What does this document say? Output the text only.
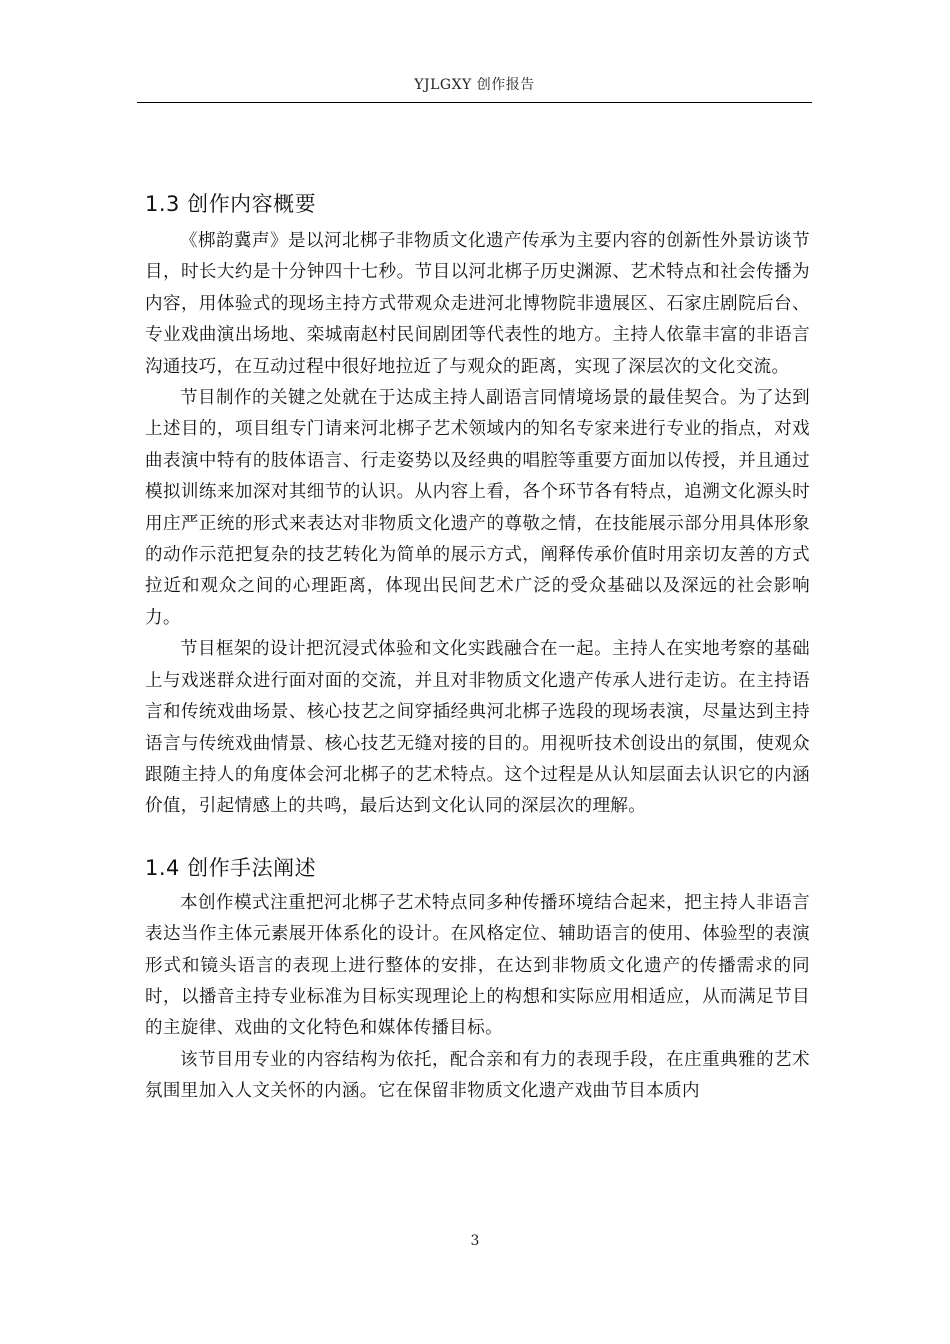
YJLGXY 创作报告
1.3 创作内容概要

《梆韵冀声》是以河北梆子非物质文化遗产传承为主要内容的创新性外景访谈节目，时长大约是十分钟四十七秒。节目以河北梆子历史渊源、艺术特点和社会传播为内容，用体验式的现场主持方式带观众走进河北博物院非遗展区、石家庄剧院后台、专业戏曲演出场地、栾城南赵村民间剧团等代表性的地方。主持人依靠丰富的非语言沟通技巧，在互动过程中很好地拉近了与观众的距离，实现了深层次的文化交流。

节目制作的关键之处就在于达成主持人副语言同情境场景的最佳契合。为了达到上述目的，项目组专门请来河北梆子艺术领域内的知名专家来进行专业的指点，对戏曲表演中特有的肢体语言、行走姿势以及经典的唱腔等重要方面加以传授，并且通过模拟训练来加深对其细节的认识。从内容上看，各个环节各有特点，追溯文化源头时用庄严正统的形式来表达对非物质文化遗产的尊敬之情，在技能展示部分用具体形象的动作示范把复杂的技艺转化为简单的展示方式，阐释传承价值时用亲切友善的方式拉近和观众之间的心理距离，体现出民间艺术广泛的受众基础以及深远的社会影响力。

节目框架的设计把沉浸式体验和文化实践融合在一起。主持人在实地考察的基础上与戏迷群众进行面对面的交流，并且对非物质文化遗产传承人进行走访。在主持语言和传统戏曲场景、核心技艺之间穿插经典河北梆子选段的现场表演，尽量达到主持语言与传统戏曲情景、核心技艺无缝对接的目的。用视听技术创设出的氛围，使观众跟随主持人的角度体会河北梆子的艺术特点。这个过程是从认知层面去认识它的内涵价值，引起情感上的共鸣，最后达到文化认同的深层次的理解。

1.4 创作手法阐述

本创作模式注重把河北梆子艺术特点同多种传播环境结合起来，把主持人非语言表达当作主体元素展开体系化的设计。在风格定位、辅助语言的使用、体验型的表演形式和镜头语言的表现上进行整体的安排，在达到非物质文化遗产的传播需求的同时，以播音主持专业标准为目标实现理论上的构想和实际应用相适应，从而满足节目的主旋律、戏曲的文化特色和媒体传播目标。

该节目用专业的内容结构为依托，配合亲和有力的表现手段，在庄重典雅的艺术氛围里加入人文关怀的内涵。它在保留非物质文化遗产戏曲节目本质内

3
